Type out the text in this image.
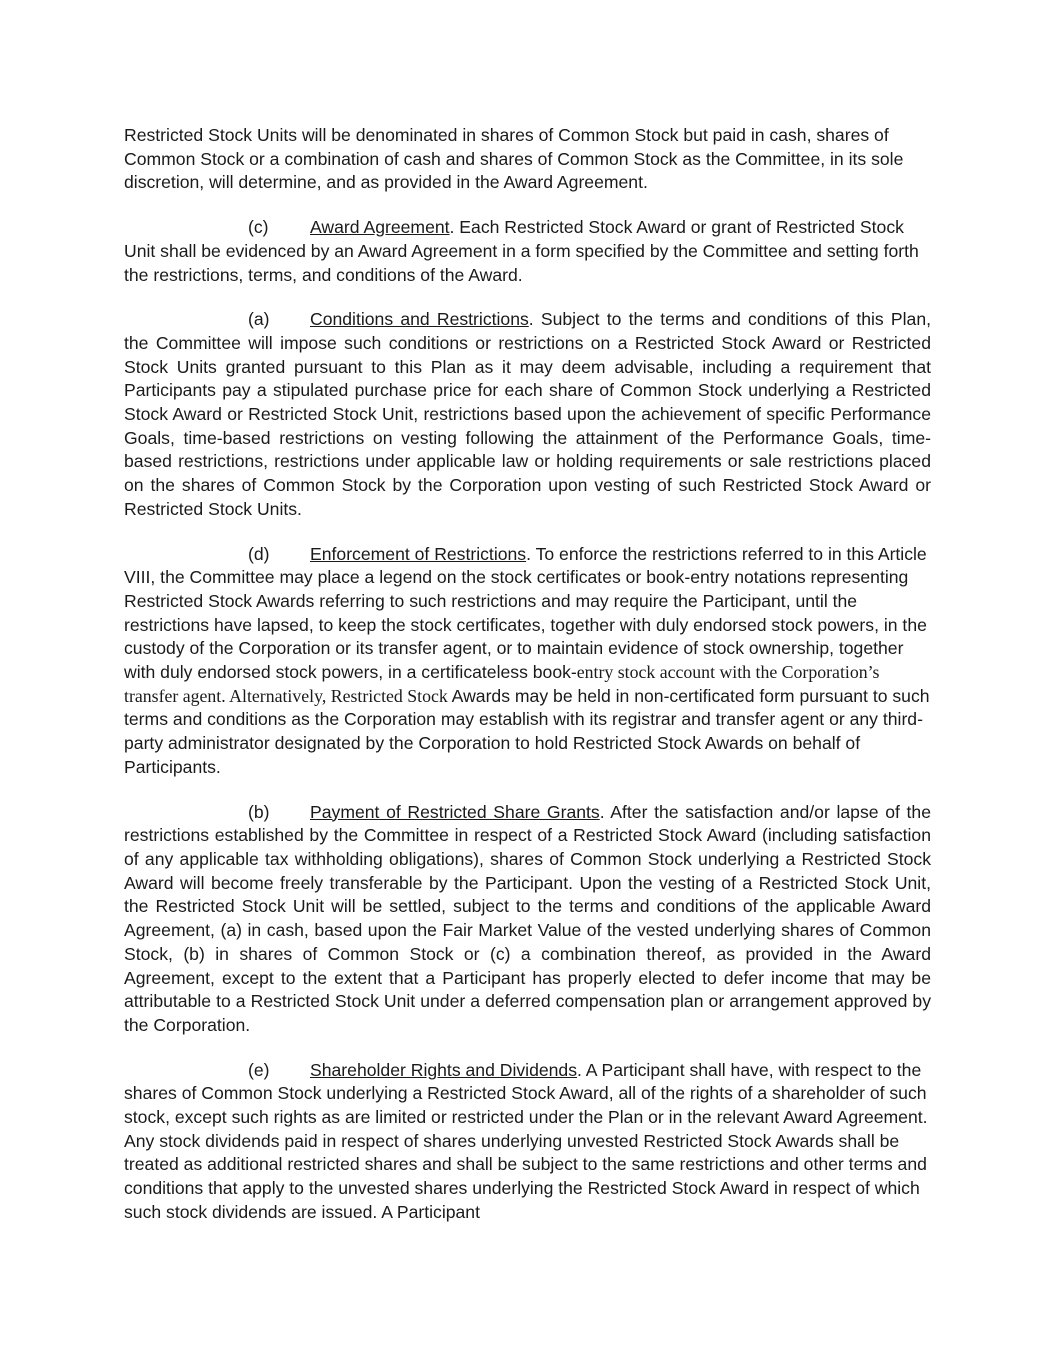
Restricted Stock Units will be denominated in shares of Common Stock but paid in cash, shares of Common Stock or a combination of cash and shares of Common Stock as the Committee, in its sole discretion, will determine, and as provided in the Award Agreement.

(c) Award Agreement. Each Restricted Stock Award or grant of Restricted Stock Unit shall be evidenced by an Award Agreement in a form specified by the Committee and setting forth the restrictions, terms, and conditions of the Award.

(a) Conditions and Restrictions. Subject to the terms and conditions of this Plan, the Committee will impose such conditions or restrictions on a Restricted Stock Award or Restricted Stock Units granted pursuant to this Plan as it may deem advisable, including a requirement that Participants pay a stipulated purchase price for each share of Common Stock underlying a Restricted Stock Award or Restricted Stock Unit, restrictions based upon the achievement of specific Performance Goals, time-based restrictions on vesting following the attainment of the Performance Goals, time-based restrictions, restrictions under applicable law or holding requirements or sale restrictions placed on the shares of Common Stock by the Corporation upon vesting of such Restricted Stock Award or Restricted Stock Units.

(d) Enforcement of Restrictions. To enforce the restrictions referred to in this Article VIII, the Committee may place a legend on the stock certificates or book-entry notations representing Restricted Stock Awards referring to such restrictions and may require the Participant, until the restrictions have lapsed, to keep the stock certificates, together with duly endorsed stock powers, in the custody of the Corporation or its transfer agent, or to maintain evidence of stock ownership, together with duly endorsed stock powers, in a certificateless book-entry stock account with the Corporation’s transfer agent. Alternatively, Restricted Stock Awards may be held in non-certificated form pursuant to such terms and conditions as the Corporation may establish with its registrar and transfer agent or any third-party administrator designated by the Corporation to hold Restricted Stock Awards on behalf of Participants.

(b) Payment of Restricted Share Grants. After the satisfaction and/or lapse of the restrictions established by the Committee in respect of a Restricted Stock Award (including satisfaction of any applicable tax withholding obligations), shares of Common Stock underlying a Restricted Stock Award will become freely transferable by the Participant. Upon the vesting of a Restricted Stock Unit, the Restricted Stock Unit will be settled, subject to the terms and conditions of the applicable Award Agreement, (a) in cash, based upon the Fair Market Value of the vested underlying shares of Common Stock, (b) in shares of Common Stock or (c) a combination thereof, as provided in the Award Agreement, except to the extent that a Participant has properly elected to defer income that may be attributable to a Restricted Stock Unit under a deferred compensation plan or arrangement approved by the Corporation.

(e) Shareholder Rights and Dividends. A Participant shall have, with respect to the shares of Common Stock underlying a Restricted Stock Award, all of the rights of a shareholder of such stock, except such rights as are limited or restricted under the Plan or in the relevant Award Agreement. Any stock dividends paid in respect of shares underlying unvested Restricted Stock Awards shall be treated as additional restricted shares and shall be subject to the same restrictions and other terms and conditions that apply to the unvested shares underlying the Restricted Stock Award in respect of which such stock dividends are issued. A Participant
